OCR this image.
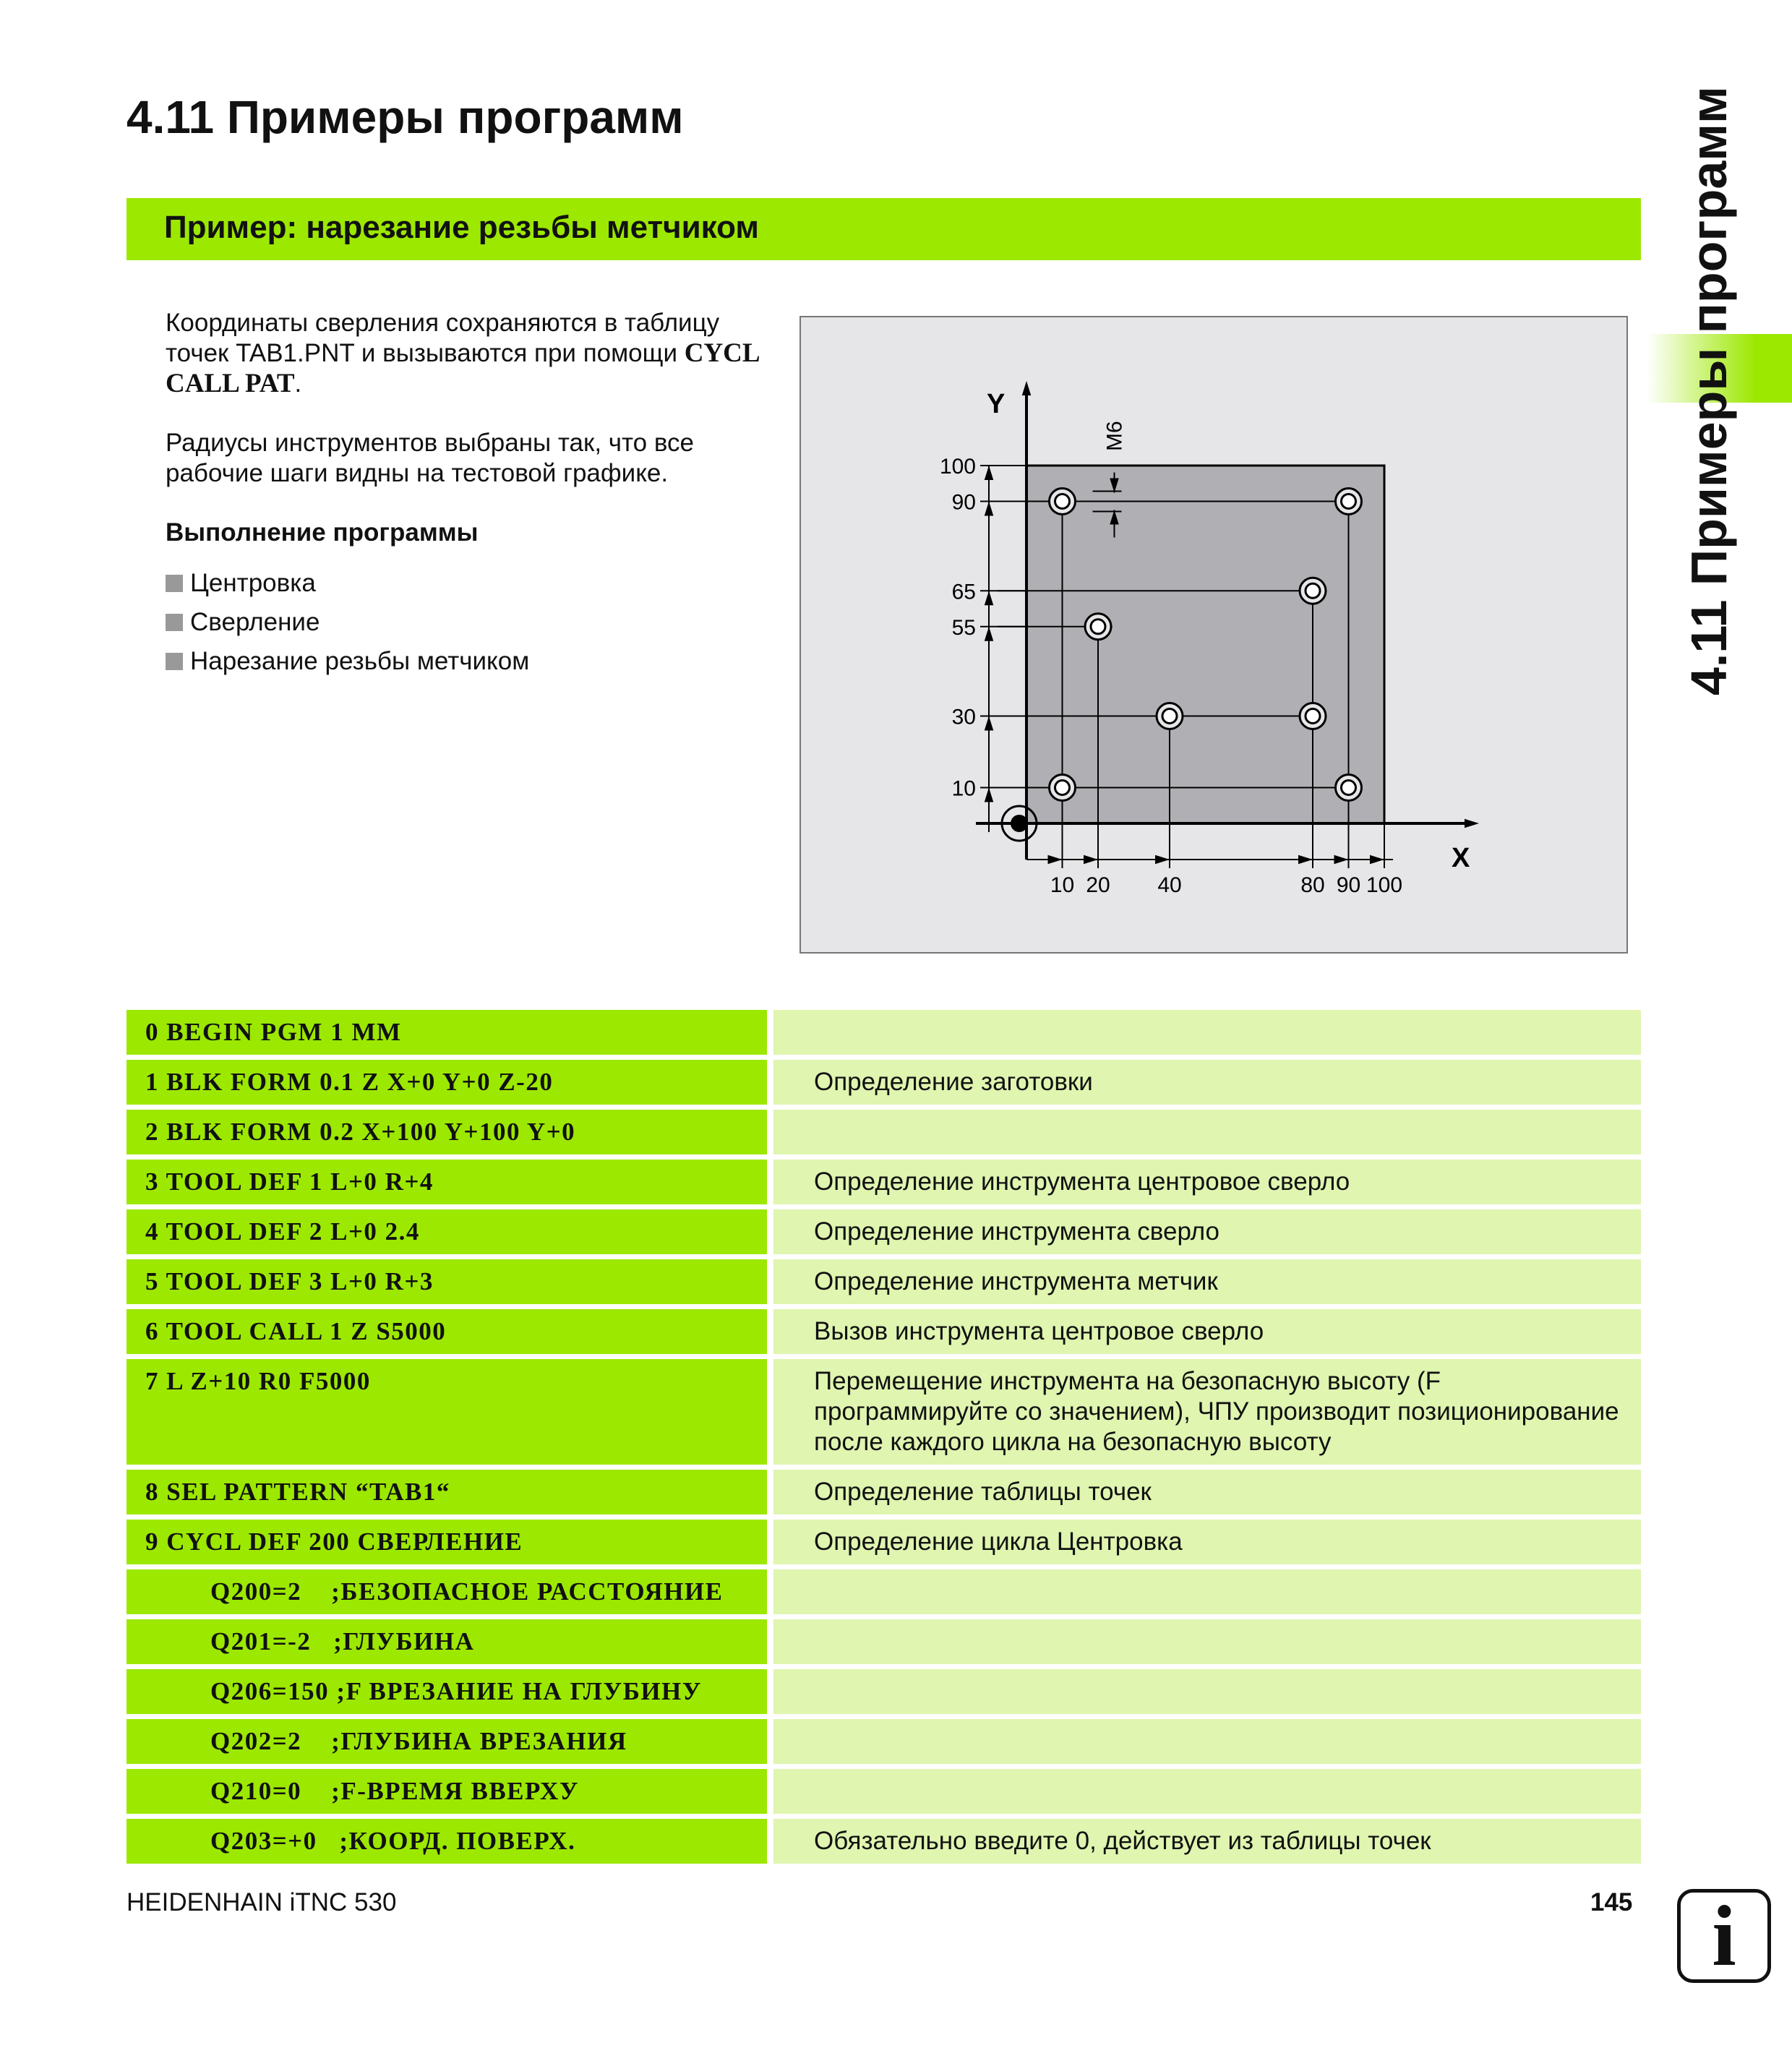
4.11 Примеры программ
Пример: нарезание резьбы метчиком

Координаты сверления сохраняются в таблицу точек TAB1.PNT и вызываются при помощи CYCL CALL PAT.

Радиусы инструментов выбраны так, что все рабочие шаги видны на тестовой графике.

Выполнение программы
Центровка
Сверление
Нарезание резьбы метчиком
Y
X
100
90
65
55
30
10
10 20 40	80 90 100
M6
0 BEGIN PGM 1 MM
1 BLK FORM 0.1 Z X+0 Y+0 Z-20	Определение заготовки
2 BLK FORM 0.2 X+100 Y+100 Y+0
3 TOOL DEF 1 L+0 R+4	Определение инструмента центровое сверло
4 TOOL DEF 2 L+0 2.4	Определение инструмента сверло
5 TOOL DEF 3 L+0 R+3	Определение инструмента метчик
6 TOOL CALL 1 Z S5000	Вызов инструмента центровое сверло
7 L Z+10 R0 F5000	Перемещение инструмента на безопасную высоту (F программируйте со значением), ЧПУ производит позиционирование после каждого цикла на безопасную высоту
8 SEL PATTERN “TAB1“	Определение таблицы точек
9 CYCL DEF 200 СВЕРЛЕНИЕ	Определение цикла Центровка
Q200=2    ;БЕЗОПАСНОЕ РАССТОЯНИЕ
Q201=-2   ;ГЛУБИНА
Q206=150 ;F ВРЕЗАНИЕ НА ГЛУБИНУ
Q202=2    ;ГЛУБИНА ВРЕЗАНИЯ
Q210=0    ;F-ВРЕМЯ ВВЕРХУ
Q203=+0   ;КООРД. ПОВЕРХ.	Обязательно введите 0, действует из таблицы точек
HEIDENHAIN iTNC 530	145
4.11 Примеры программ
i
